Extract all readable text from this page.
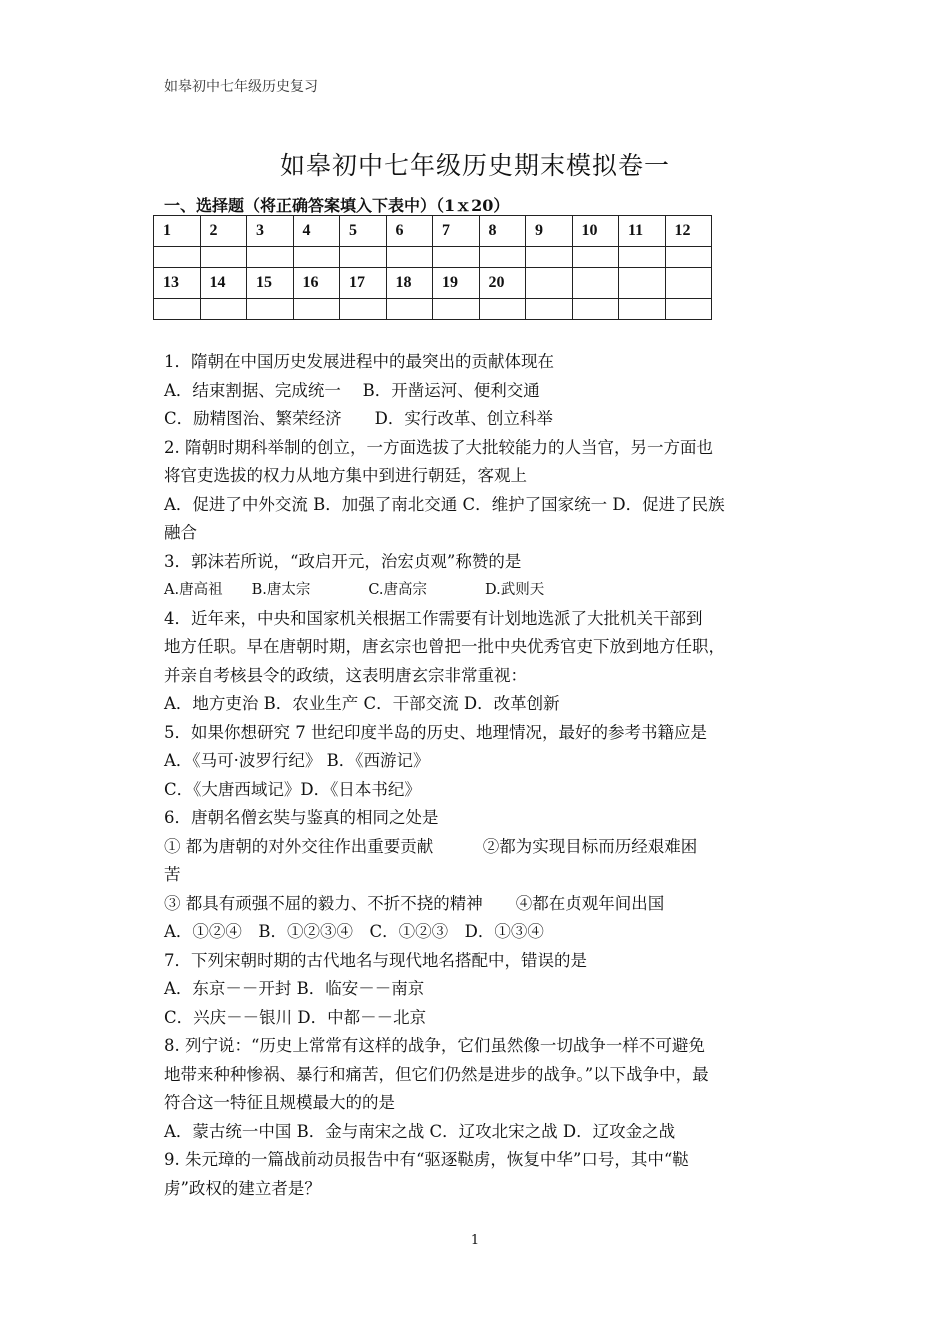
如皋初中七年级历史复习
如皋初中七年级历史期末模拟卷一
一、选择题（将正确答案填入下表中）（1ｘ20）
1	2	3	4	5	6	7	8	9	10	11	12

13	14	15	16	17	18	19	20				

1．隋朝在中国历史发展进程中的最突出的贡献体现在
A．结束割据、完成统一　 B．开凿运河、便利交通
C．励精图治、繁荣经济　　D．实行改革、创立科举
2. 隋朝时期科举制的创立，一方面选拔了大批较能力的人当官，另一方面也
将官吏选拔的权力从地方集中到进行朝廷，客观上
A．促进了中外交流 B．加强了南北交通 C．维护了国家统一 D．促进了民族
融合
3．郭沫若所说，“政启开元，治宏贞观”称赞的是
A.唐高祖　　B.唐太宗　　　　C.唐高宗　　　　D.武则天
4．近年来，中央和国家机关根据工作需要有计划地选派了大批机关干部到
地方任职。早在唐朝时期，唐玄宗也曾把一批中央优秀官吏下放到地方任职，
并亲自考核县令的政绩，这表明唐玄宗非常重视：
A．地方吏治 B．农业生产 C．干部交流 D．改革创新
5．如果你想研究 7 世纪印度半岛的历史、地理情况，最好的参考书籍应是
A．《马可·波罗行纪》 B．《西游记》
C．《大唐西域记》D．《日本书纪》
6．唐朝名僧玄奘与鉴真的相同之处是
① 都为唐朝的对外交往作出重要贡献　　　②都为实现目标而历经艰难困
苦
③ 都具有顽强不屈的毅力、不折不挠的精神　　④都在贞观年间出国
A．①②④　B．①②③④　C．①②③　D．①③④
7．下列宋朝时期的古代地名与现代地名搭配中，错误的是
A．东京－－开封 B．临安－－南京
C．兴庆－－银川 D．中都－－北京
8. 列宁说：“历史上常常有这样的战争，它们虽然像一切战争一样不可避免
地带来种种惨祸、暴行和痛苦，但它们仍然是进步的战争。”以下战争中，最
符合这一特征且规模最大的的是
A．蒙古统一中国 B．金与南宋之战 C．辽攻北宋之战 D．辽攻金之战
9. 朱元璋的一篇战前动员报告中有“驱逐鞑虏，恢复中华”口号，其中“鞑
虏”政权的建立者是？
1
